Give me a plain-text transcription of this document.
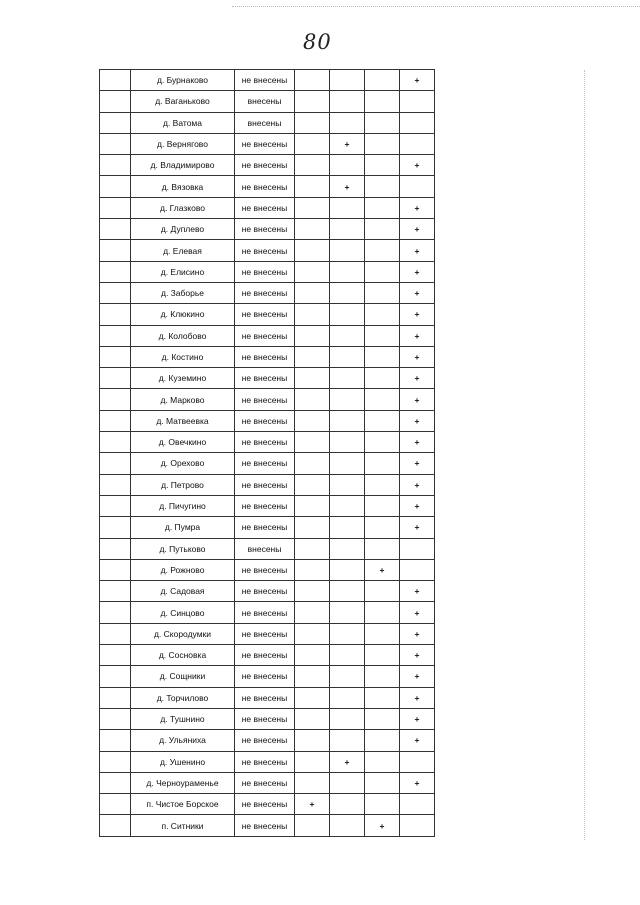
80
	д. Бурнаково	не внесены				+
	д. Ваганьково	внесены				
	д. Ватома	внесены				
	д. Вернягово	не внесены		+		
	д. Владимирово	не внесены				+
	д. Вязовка	не внесены		+		
	д. Глазково	не внесены				+
	д. Дуплево	не внесены				+
	д. Елевая	не внесены				+
	д. Елисино	не внесены				+
	д. Заборье	не внесены				+
	д. Клюкино	не внесены				+
	д. Колобово	не внесены				+
	д. Костино	не внесены				+
	д. Куземино	не внесены				+
	д. Марково	не внесены				+
	д. Матвеевка	не внесены				+
	д. Овечкино	не внесены				+
	д. Орехово	не внесены				+
	д. Петрово	не внесены				+
	д. Пичугино	не внесены				+
	д. Пумра	не внесены				+
	д. Путьково	внесены				
	д. Рожново	не внесены			+	
	д. Садовая	не внесены				+
	д. Синцово	не внесены				+
	д. Скородумки	не внесены				+
	д. Сосновка	не внесены				+
	д. Сощники	не внесены				+
	д. Торчилово	не внесены				+
	д. Тушнино	не внесены				+
	д. Ульяниха	не внесены				+
	д. Ушенино	не внесены		+		
	д. Черноураменье	не внесены				+
	п. Чистое Борское	не внесены	+			
	п. Ситники	не внесены			+	
